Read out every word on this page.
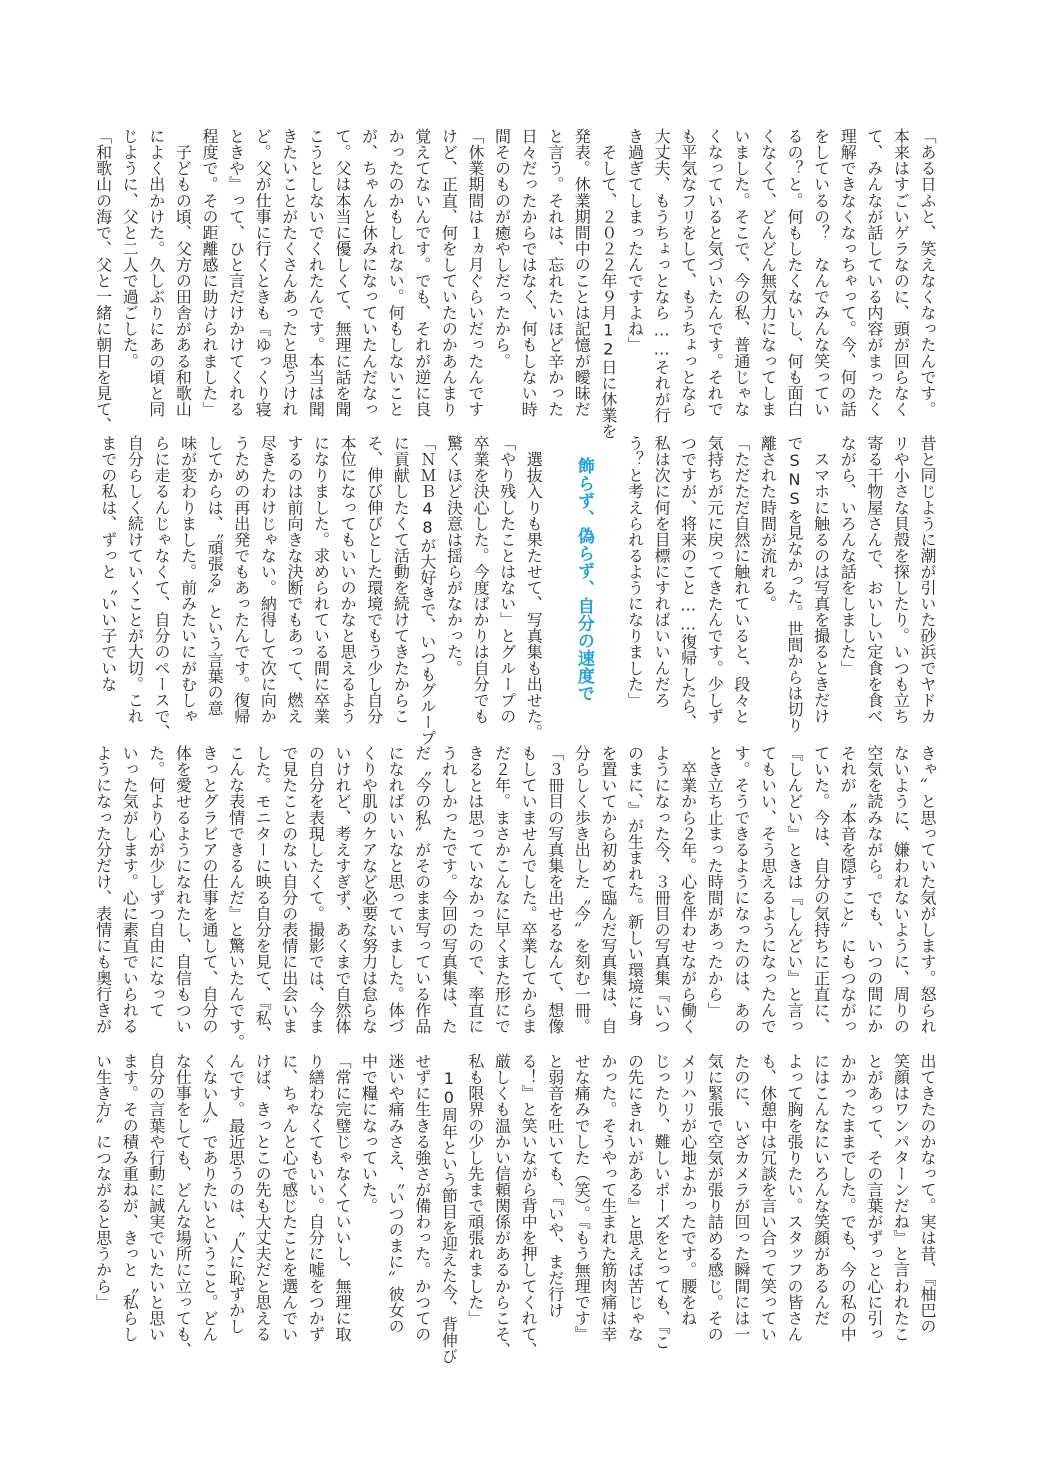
「ある日ふと、笑えなくなったんです。
本来はすごいゲラなのに、頭が回らなく
て、みんなが話している内容がまったく
理解できなくなっちゃって。今、何の話
をしているの？　なんでみんな笑ってい
るの？と。何もしたくないし、何も面白
くなくて、どんどん無気力になってしま
いました。そこで、今の私、普通じゃな
くなっていると気づいたんです。それで
も平気なフリをして、もうちょっとなら
大丈夫、もうちょっとなら……それが行
き過ぎてしまったんですよね」
　そして、２０２２年９月12日に休業を
発表。休業期間中のことは記憶が曖昧だ
と言う。それは、忘れたいほど辛かった
日々だったからではなく、何もしない時
間そのものが癒やしだったから。
「休業期間は１ヵ月ぐらいだったんです
けど、正直、何をしていたのかあんまり
覚えてないんです。でも、それが逆に良
かったのかもしれない。何もしないこと
が、ちゃんと休みになっていたんだなっ
て。父は本当に優しくて、無理に話を聞
こうとしないでくれたんです。本当は聞
きたいことがたくさんあったと思うけれ
ど。父が仕事に行くときも『ゆっくり寝
ときや』って、ひと言だけかけてくれる
程度で。その距離感に助けられました」
　子どもの頃、父方の田舎がある和歌山
によく出かけた。久しぶりにあの頃と同
じように、父と二人で過ごした。
「和歌山の海で、父と一緒に朝日を見て、
昔と同じように潮が引いた砂浜でヤドカ
リや小さな貝殻を探したり。いつも立ち
寄る干物屋さんで、おいしい定食を食べ
ながら、いろんな話をしました」
　スマホに触るのは写真を撮るときだけ
でSNSを見なかった。世間からは切り
離された時間が流れる。
「ただただ自然に触れていると、段々と
気持ちが元に戻ってきたんです。少しず
つですが、将来のこと……復帰したら、
私は次に何を目標にすればいいんだろ
う？と考えられるようになりました」
飾らず、偽らず、自分の速度で
　選抜入りも果たせて、写真集も出せた。
「やり残したことはない」とグループの
卒業を決心した。今度ばかりは自分でも
驚くほど決意は揺らがなかった。
「ＮＭＢ48が大好きで、いつもグループ
に貢献したくて活動を続けてきたからこ
そ、伸び伸びとした環境でもう少し自分
本位になってもいいのかなと思えるよう
になりました。求められている間に卒業
するのは前向きな決断でもあって、燃え
尽きたわけじゃない。納得して次に向か
うための再出発でもあったんです。復帰
してからは、〝頑張る〟という言葉の意
味が変わりました。前みたいにがむしゃ
らに走るんじゃなくて、自分のペースで、
自分らしく続けていくことが大切。これ
までの私は、ずっと〝いい子でいな
きゃ〟と思っていた気がします。怒られ
ないように、嫌われないように、周りの
空気を読みながら。でも、いつの間にか
それが〝本音を隠すこと〟にもつながっ
ていた。今は、自分の気持ちに正直に、
『しんどい』ときは『しんどい』と言っ
てもいい、そう思えるようになったんで
す。そうできるようになったのは、あの
とき立ち止まった時間があったから」
　卒業から２年。心を伴わせながら働く
ようになった今、３冊目の写真集『いつ
のまに、』が生まれた。新しい環境に身
を置いてから初めて臨んだ写真集は、自
分らしく歩き出した〝今〟を刻む一冊。
「３冊目の写真集を出せるなんて、想像
もしていませんでした。卒業してからま
だ２年。まさかこんなに早くまた形にで
きるとは思っていなかったので、率直に
うれしかったです。今回の写真集は、た
だ〝今の私〟がそのまま写っている作品
になればいいなと思っていました。体づ
くりや肌のケアなど必要な努力は怠らな
いけれど、考えすぎず、あくまで自然体
の自分を表現したくて。撮影では、今ま
で見たことのない自分の表情に出会いま
した。モニターに映る自分を見て、『私、
こんな表情できるんだ』と驚いたんです。
きっとグラビアの仕事を通して、自分の
体を愛せるようになれたし、自信もつい
た。何より心が少しずつ自由になって
いった気がします。心に素直でいられる
ようになった分だけ、表情にも奥行きが
出てきたのかなって。実は昔、『柚巴の
笑顔はワンパターンだね』と言われたこ
とがあって、その言葉がずっと心に引っ
かかったままでした。でも、今の私の中
にはこんなにいろんな笑顔があるんだ
よって胸を張りたい。スタッフの皆さん
も、休憩中は冗談を言い合って笑ってい
たのに、いざカメラが回った瞬間には一
気に緊張で空気が張り詰める感じ。その
メリハリが心地よかったです。腰をね
じったり、難しいポーズをとっても、『こ
の先にきれいがある』と思えば苦じゃな
かった。そうやって生まれた筋肉痛は幸
せな痛みでした（笑）。『もう無理です』
と弱音を吐いても、『いや、まだ行け
る！』と笑いながら背中を押してくれて、
厳しくも温かい信頼関係があるからこそ、
私も限界の少し先まで頑張れました」
　10周年という節目を迎えた今、背伸び
せずに生きる強さが備わった。かつての
迷いや痛みさえ、〝いつのまに〟彼女の
中で糧になっていた。
「常に完璧じゃなくていいし、無理に取
り繕わなくてもいい。自分に嘘をつかず
に、ちゃんと心で感じたことを選んでい
けば、きっとこの先も大丈夫だと思える
んです。最近思うのは、〝人に恥ずかし
くない人〟でありたいということ。どん
な仕事をしても、どんな場所に立っても、
自分の言葉や行動に誠実でいたいと思い
ます。その積み重ねが、きっと〝私らし
い生き方〟につながると思うから」
